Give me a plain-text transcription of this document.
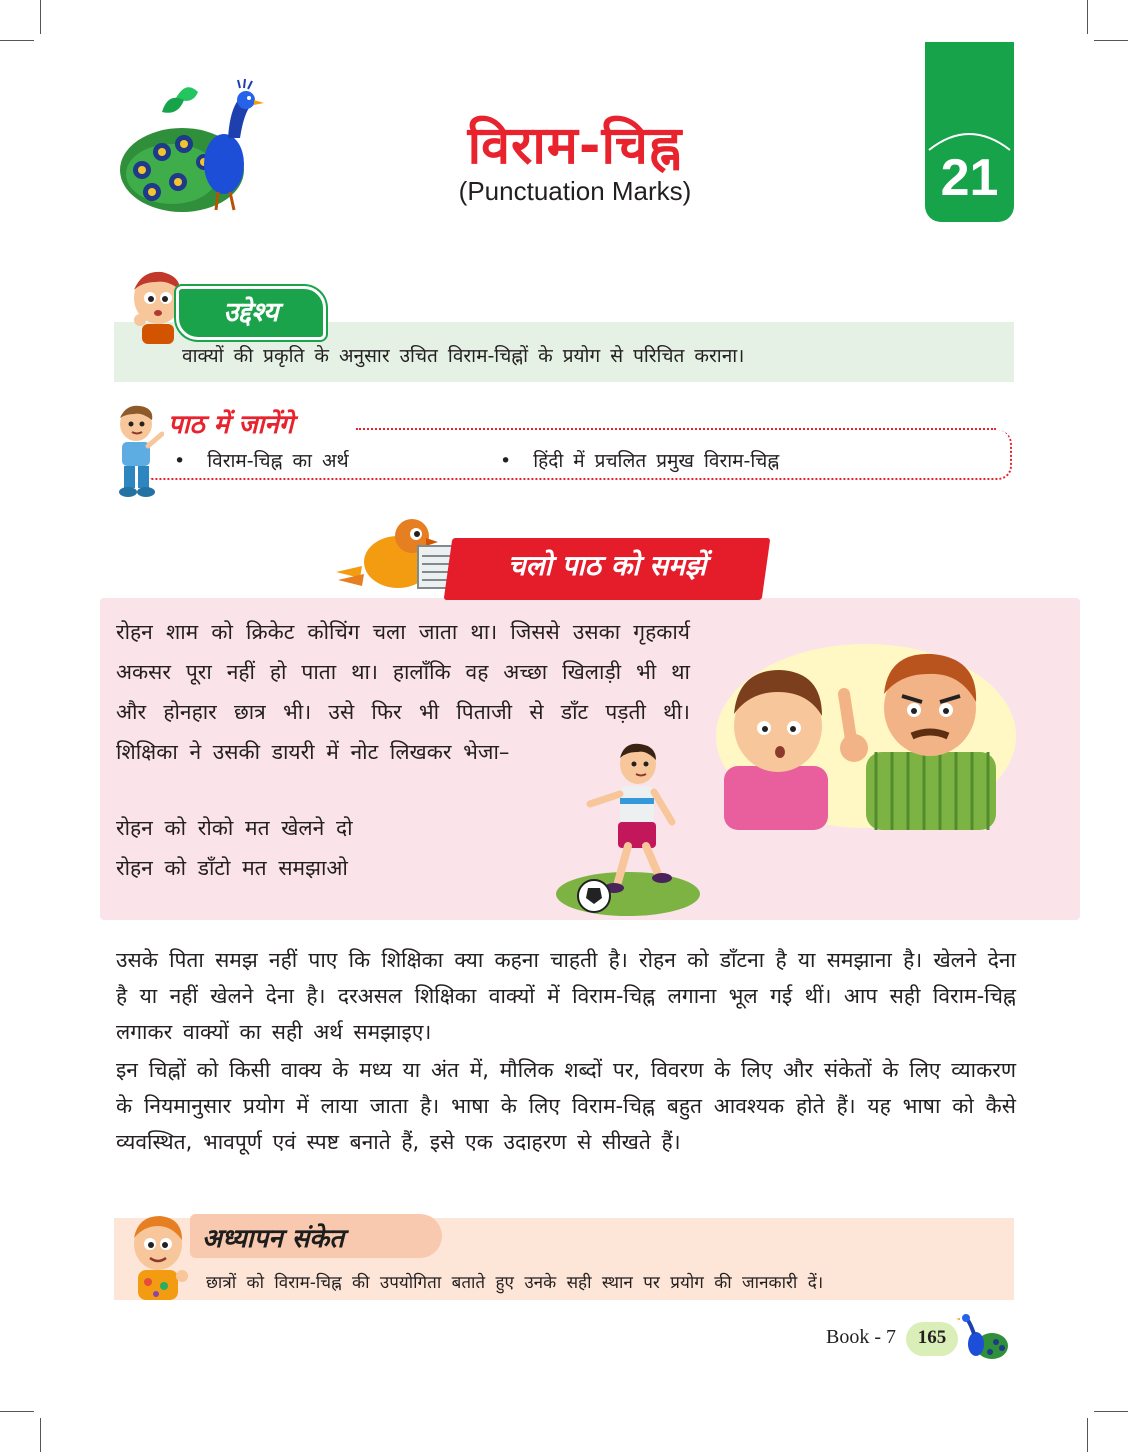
विराम-चिह्न
(Punctuation Marks)	21
उद्देश्य
वाक्यों की प्रकृति के अनुसार उचित विराम-चिह्नों के प्रयोग से परिचित कराना।
पाठ में जानेंगे
• विराम-चिह्न का अर्थ	• हिंदी में प्रचलित प्रमुख विराम-चिह्न
चलो पाठ को समझें
रोहन शाम को क्रिकेट कोचिंग चला जाता था। जिससे उसका गृहकार्य अकसर पूरा नहीं हो पाता था। हालाँकि वह अच्छा खिलाड़ी भी था और होनहार छात्र भी। उसे फिर भी पिताजी से डाँट पड़ती थी। शिक्षिका ने उसकी डायरी में नोट लिखकर भेजा–
रोहन को रोको मत खेलने दो
रोहन को डाँटो मत समझाओ
उसके पिता समझ नहीं पाए कि शिक्षिका क्या कहना चाहती है। रोहन को डाँटना है या समझाना है। खेलने देना है या नहीं खेलने देना है। दरअसल शिक्षिका वाक्यों में विराम-चिह्न लगाना भूल गई थीं। आप सही विराम-चिह्न लगाकर वाक्यों का सही अर्थ समझाइए।
इन चिह्नों को किसी वाक्य के मध्य या अंत में, मौलिक शब्दों पर, विवरण के लिए और संकेतों के लिए व्याकरण के नियमानुसार प्रयोग में लाया जाता है। भाषा के लिए विराम-चिह्न बहुत आवश्यक होते हैं। यह भाषा को कैसे व्यवस्थित, भावपूर्ण एवं स्पष्ट बनाते हैं, इसे एक उदाहरण से सीखते हैं।
अध्यापन संकेत
छात्रों को विराम-चिह्न की उपयोगिता बताते हुए उनके सही स्थान पर प्रयोग की जानकारी दें।
Book - 7	165
